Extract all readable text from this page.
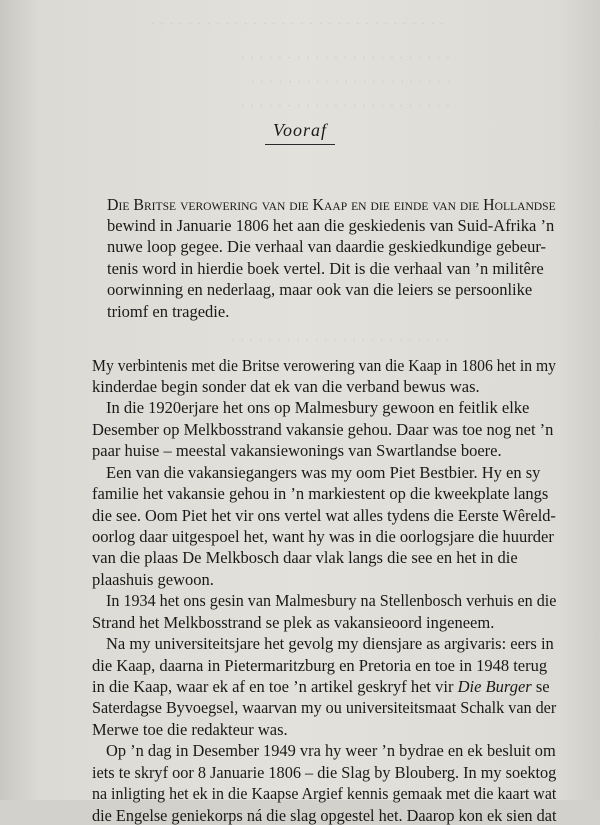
· · · · · · · · · · · · · · · · · · · · · · · · · · · · · · · ·
· · · · · · · · · · · · · · · · · · · · · · ·
· · · · · · · · · · · · · · · · · · · · · ·
· · · · · · · · · · · · · · · · · · · · · · ·
· · · · · · · · · · · · · · · · · · · · · · · ·
Vooraf
Die Britse verowering van die Kaap en die einde van die Hollandse
bewind in Januarie 1806 het aan die geskiedenis van Suid-Afrika ’n
nuwe loop gegee. Die verhaal van daardie geskiedkundige gebeur-
tenis word in hierdie boek vertel. Dit is die verhaal van ’n militêre
oorwinning en nederlaag, maar ook van die leiers se persoonlike
triomf en tragedie.
My verbintenis met die Britse verowering van die Kaap in 1806 het in my
kinderdae begin sonder dat ek van die verband bewus was.
In die 1920erjare het ons op Malmesbury gewoon en feitlik elke
Desember op Melkbosstrand vakansie gehou. Daar was toe nog net ’n
paar huise – meestal vakansiewonings van Swartlandse boere.
Een van die vakansiegangers was my oom Piet Bestbier. Hy en sy
familie het vakansie gehou in ’n markiestent op die kweekplate langs
die see. Oom Piet het vir ons vertel wat alles tydens die Eerste Wêreld-
oorlog daar uitgespoel het, want hy was in die oorlogsjare die huurder
van die plaas De Melkbosch daar vlak langs die see en het in die
plaashuis gewoon.
In 1934 het ons gesin van Malmesbury na Stellenbosch verhuis en die
Strand het Melkbosstrand se plek as vakansieoord ingeneem.
Na my universiteitsjare het gevolg my diensjare as argivaris: eers in
die Kaap, daarna in Pietermaritzburg en Pretoria en toe in 1948 terug
in die Kaap, waar ek af en toe ’n artikel geskryf het vir Die Burger se
Saterdagse Byvoegsel, waarvan my ou universiteitsmaat Schalk van der
Merwe toe die redakteur was.
Op ’n dag in Desember 1949 vra hy weer ’n bydrae en ek besluit om
iets te skryf oor 8 Januarie 1806 – die Slag by Blouberg. In my soektog
na inligting het ek in die Kaapse Argief kennis gemaak met die kaart wat
die Engelse geniekorps ná die slag opgestel het. Daarop kon ek sien dat
